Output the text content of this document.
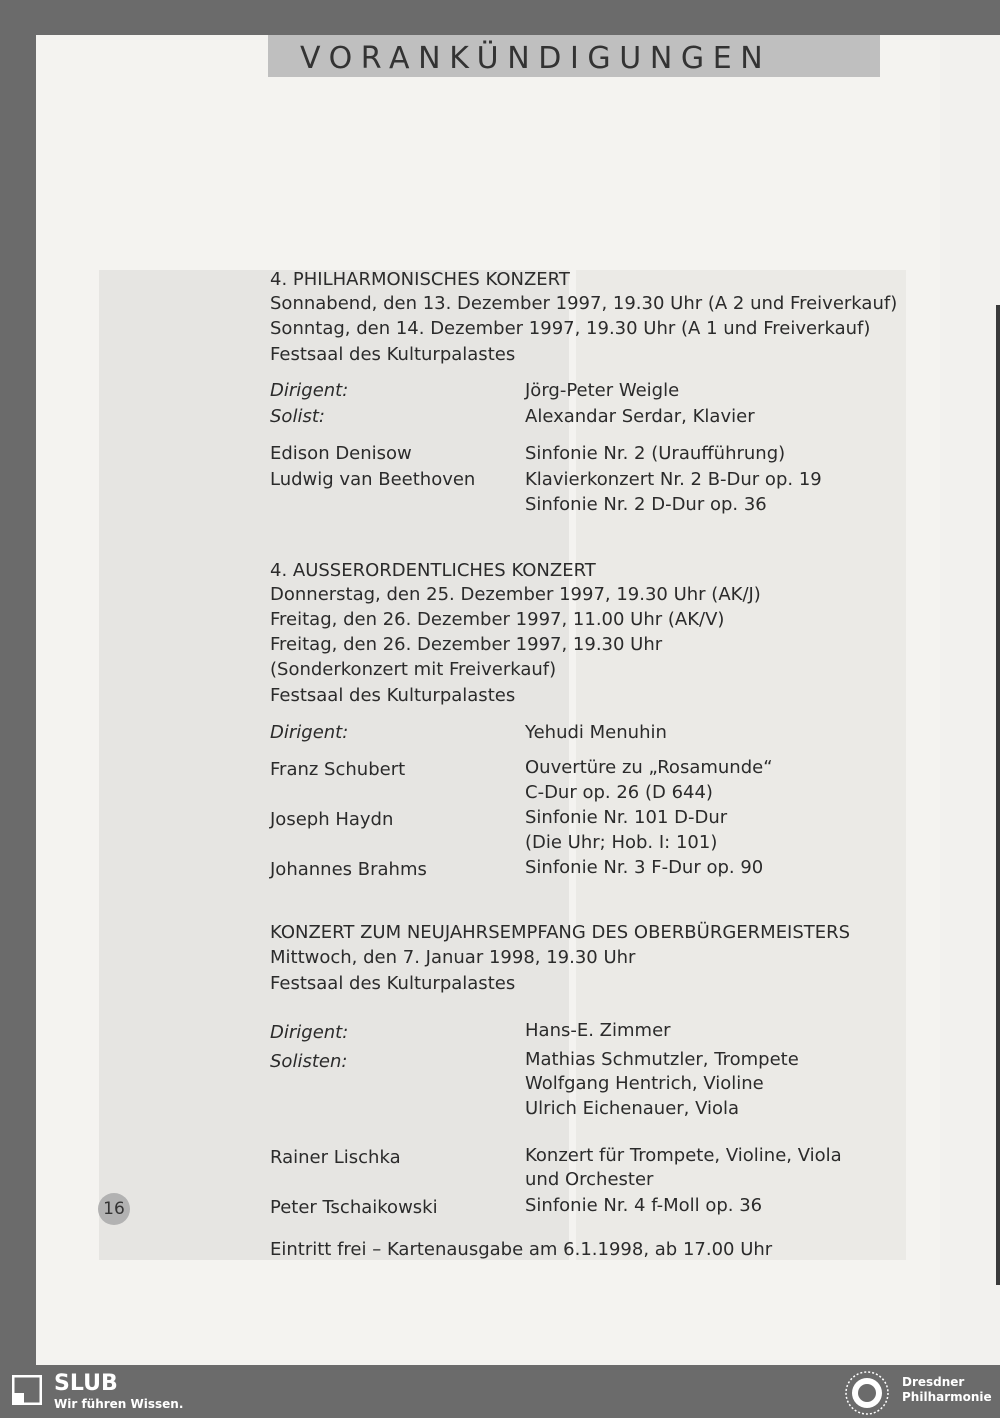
VORANKÜNDIGUNGEN
4. PHILHARMONISCHES KONZERT
Sonnabend, den 13. Dezember 1997, 19.30 Uhr (A 2 und Freiverkauf)
Sonntag, den 14. Dezember 1997, 19.30 Uhr (A 1 und Freiverkauf)
Festsaal des Kulturpalastes
Dirigent:	Jörg-Peter Weigle
Solist:	Alexandar Serdar, Klavier
Edison Denisow	Sinfonie Nr. 2 (Uraufführung)
Ludwig van Beethoven	Klavierkonzert Nr. 2 B-Dur op. 19
Sinfonie Nr. 2 D-Dur op. 36
4. AUSSERORDENTLICHES KONZERT
Donnerstag, den 25. Dezember 1997, 19.30 Uhr (AK/J)
Freitag, den 26. Dezember 1997, 11.00 Uhr (AK/V)
Freitag, den 26. Dezember 1997, 19.30 Uhr
(Sonderkonzert mit Freiverkauf)
Festsaal des Kulturpalastes
Dirigent:	Yehudi Menuhin
Franz Schubert	Ouvertüre zu „Rosamunde“
C-Dur op. 26 (D 644)
Joseph Haydn	Sinfonie Nr. 101 D-Dur
(Die Uhr; Hob. I: 101)
Johannes Brahms	Sinfonie Nr. 3 F-Dur op. 90
KONZERT ZUM NEUJAHRSEMPFANG DES OBERBÜRGERMEISTERS
Mittwoch, den 7. Januar 1998, 19.30 Uhr
Festsaal des Kulturpalastes
Dirigent:	Hans-E. Zimmer
Solisten:	Mathias Schmutzler, Trompete
Wolfgang Hentrich, Violine
Ulrich Eichenauer, Viola
Rainer Lischka	Konzert für Trompete, Violine, Viola
und Orchester
Peter Tschaikowski	Sinfonie Nr. 4 f-Moll op. 36
Eintritt frei – Kartenausgabe am 6.1.1998, ab 17.00 Uhr
16
SLUB
Wir führen Wissen.
Dresdner
Philharmonie
